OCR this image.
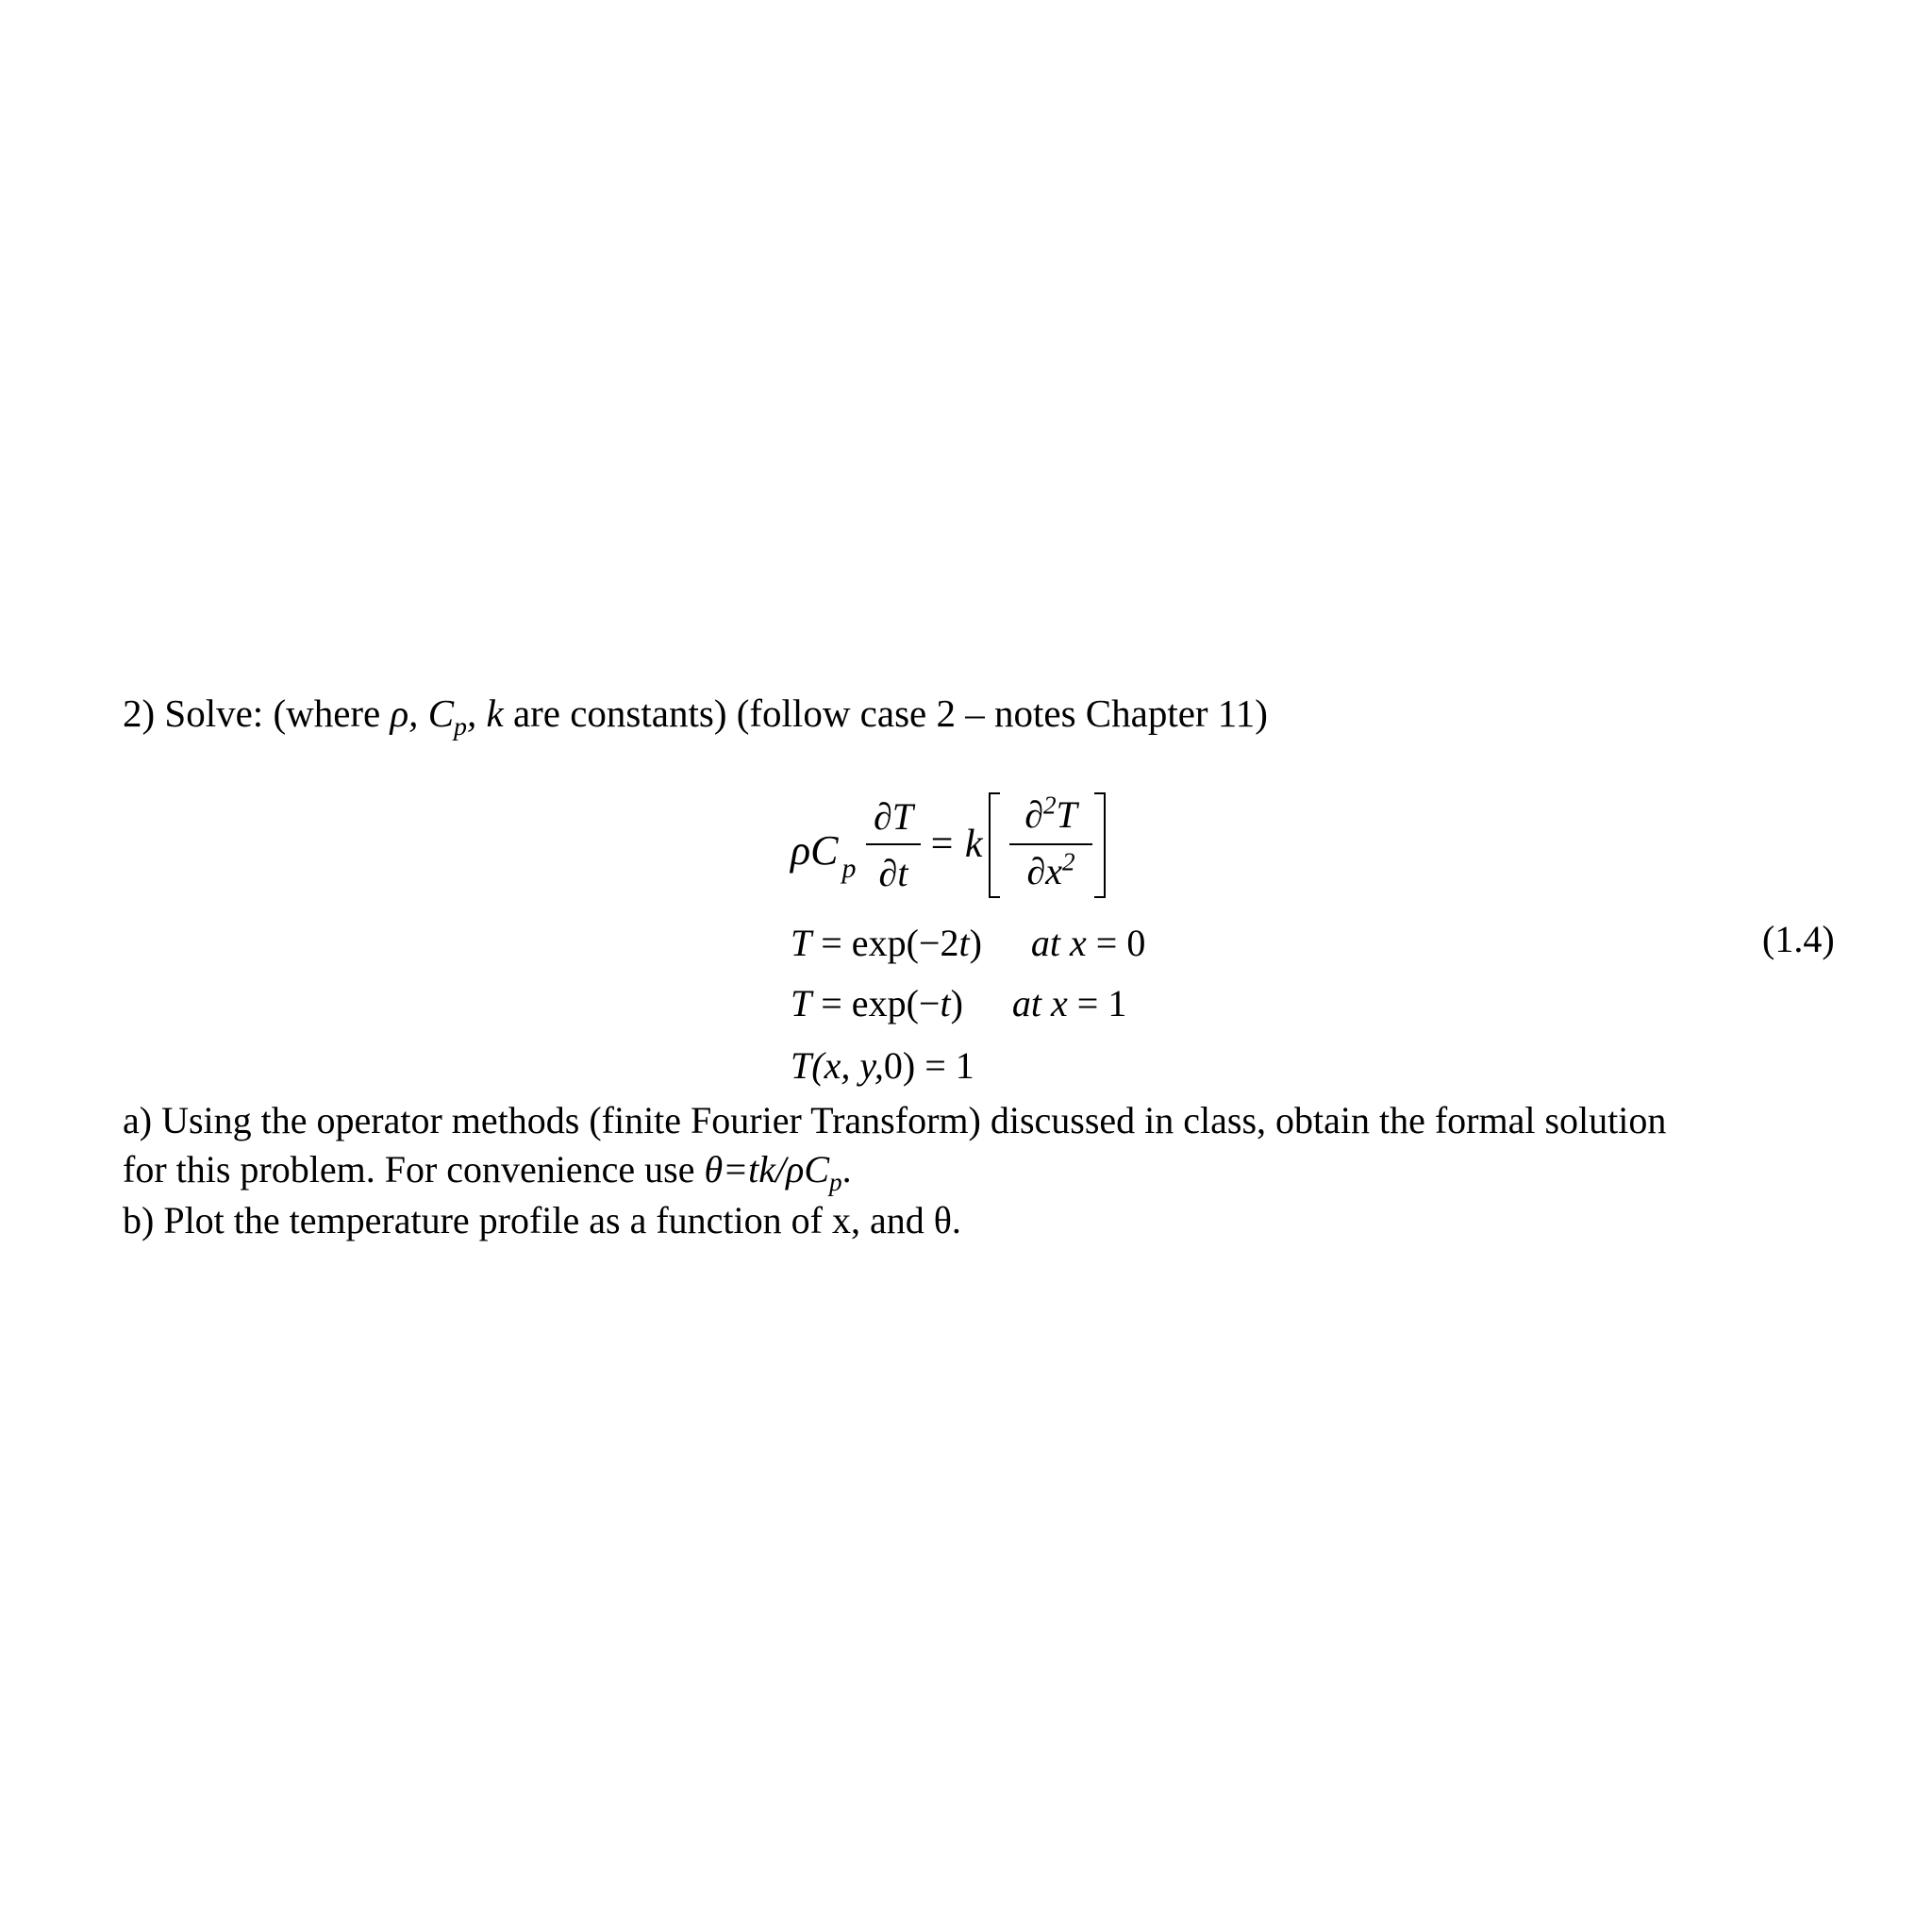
2) Solve: (where ρ, $C_p$, k are constants) (follow case 2 – notes Chapter 11)
ρC $_p$
∂T
∂t
= k
∂$^2$T
$\partial x^2$
T = exp(−2t) at x = 0	(1.4)
T = exp(−t) at x = 1
T(x, y,0) = 1
a) Using the operator methods (finite Fourier Transform) discussed in class, obtain the formal solution
for this problem. For convenience use $\theta=tk/\rho C_p$.
b) Plot the temperature profile as a function of x, and θ.
